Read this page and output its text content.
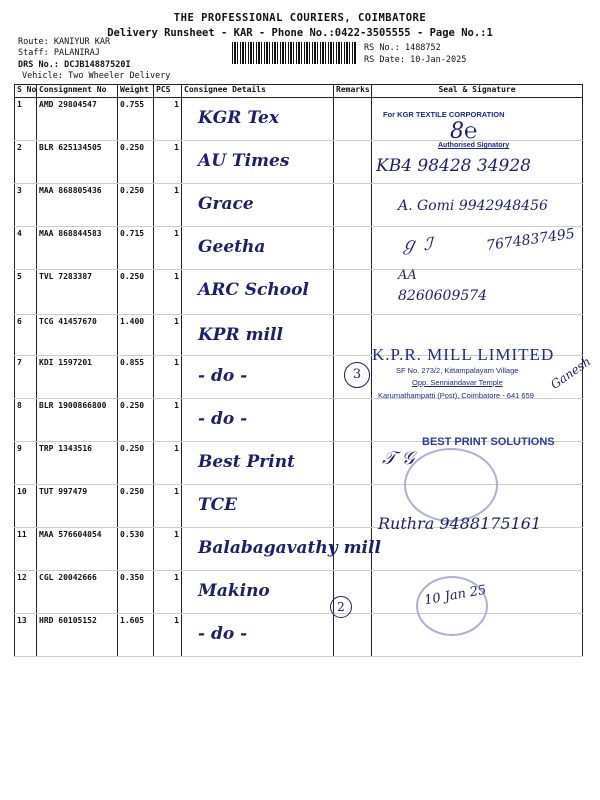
THE PROFESSIONAL COURIERS, COIMBATORE
Delivery Runsheet - KAR - Phone No.:0422-3505555 - Page No.:1
Route: KANIYUR KAR
Staff: PALANIRAJ
DRS No.: DCJB14887520I
Vehicle: Two Wheeler Delivery
RS No.: 1488752
RS Date: 10-Jan-2025
S No	Consignment No	Weight	PCS	Consignee Details	Remarks	Seal & Signature
1	AMD 29804547	0.755	1	KGR Tex		
2	BLR 625134505	0.250	1	AU Times		
3	MAA 868805436	0.250	1	Grace		
4	MAA 868844583	0.715	1	Geetha		
5	TVL 7283387	0.250	1	ARC School		
6	TCG 41457670	1.400	1	KPR mill		
7	KDI 1597201	0.855	1	- do -		
8	BLR 1900866800	0.250	1	- do -		
9	TRP 1343516	0.250	1	Best Print		
10	TUT 997479	0.250	1	TCE		
11	MAA 576604054	0.530	1	Balabagavathy mill		
12	CGL 20042666	0.350	1	Makino		
13	HRD 60105152	1.605	1	- do -		
For KGR TEXTILE CORPORATION
8℮
Authorised Signatory
KB4 98428 34928
A. Gomi 9942948456
ℊ ℐ	7674837495
AA
8260609574
K.P.R. MILL LIMITED
SF No. 273/2, Kittampalayam Village
Opp. Senniandavar Temple
Karumathampatti (Post), Coimbatore - 641 659
Ganesh
BEST PRINT SOLUTIONS
𝒯 𝒢
Ruthra 9488175161
10 Jan 25
3
2
